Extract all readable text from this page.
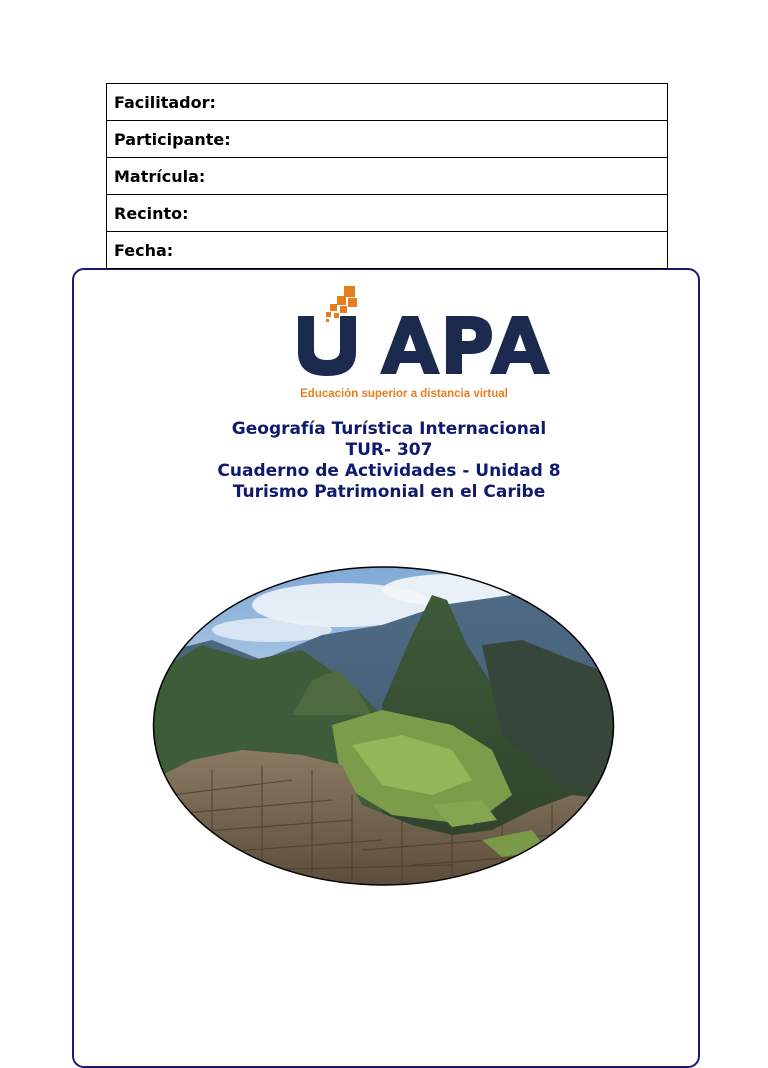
Facilitador:
Participante:
Matrícula:
Recinto:
Fecha:
Educación superior a distancia virtual
Geografía Turística Internacional
TUR- 307
Cuaderno de Actividades - Unidad 8
Turismo Patrimonial en el Caribe
